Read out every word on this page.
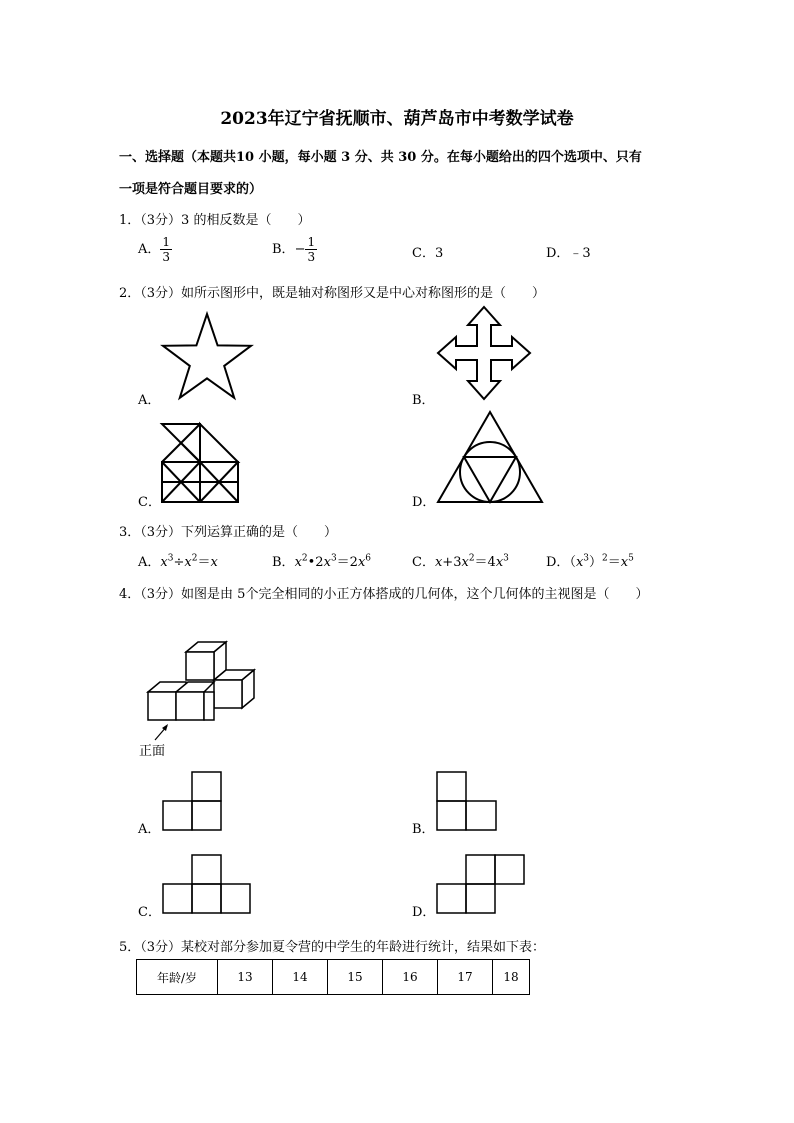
2023年辽宁省抚顺市、葫芦岛市中考数学试卷
一、选择题（本题共10 小题，每小题 3 分、共 30 分。在每小题给出的四个选项中、只有
一项是符合题目要求的）
1．（3分）3 的相反数是（　　）
A． $\frac{1}{3}$	B．− $\frac{1}{3}$	C．3	D．﹣3
2．（3分）如所示图形中，既是轴对称图形又是中心对称图形的是（　　）
A．	B．
C．	D．
3．（3分）下列运算正确的是（　　）
A．$x^3\div x^2=x$	B．$x^2•2x^3=2x^6$	C．$x+3x^2=4x^3$	D．$(x^3)^2=x^5$
4．（3分）如图是由 5个完全相同的小正方体搭成的几何体，这个几何体的主视图是（　　）
正面
A．	B．
C．	D．
5．（3分）某校对部分参加夏令营的中学生的年龄进行统计，结果如下表：
年龄/岁	13	14	15	16	17	18
